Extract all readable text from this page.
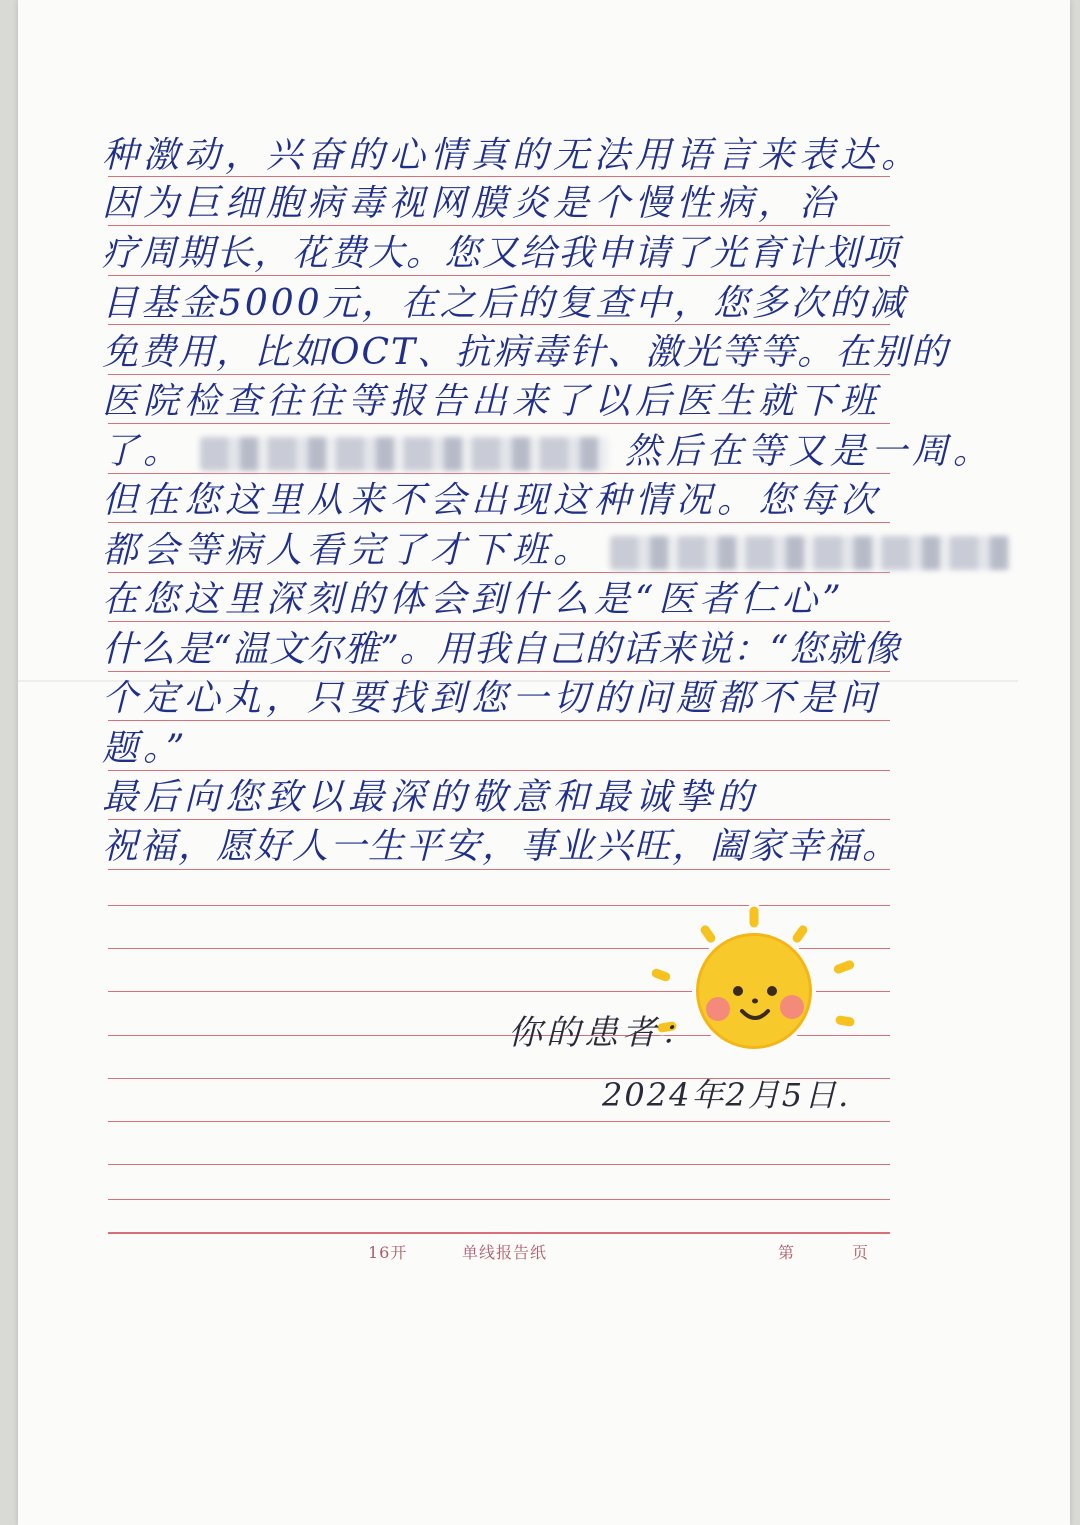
种激动，兴奋的心情真的无法用语言来表达。
因为巨细胞病毒视网膜炎是个慢性病，治
疗周期长，花费大。您又给我申请了光育计划项
目基金5000元，在之后的复查中，您多次的减
免费用，比如OCT、抗病毒针、激光等等。在别的
医院检查往往等报告出来了以后医生就下班
了。	然后在等又是一周。
但在您这里从来不会出现这种情况。您每次
都会等病人看完了才下班。
在您这里深刻的体会到什么是“医者仁心”
什么是“温文尔雅”。用我自己的话来说：“您就像
个定心丸，只要找到您一切的问题都不是问
题。”
最后向您致以最深的敬意和最诚挚的
祝福，愿好人一生平安，事业兴旺，阖家幸福。
你的患者：
2024年2月5日.
16开	单线报告纸	第	页
